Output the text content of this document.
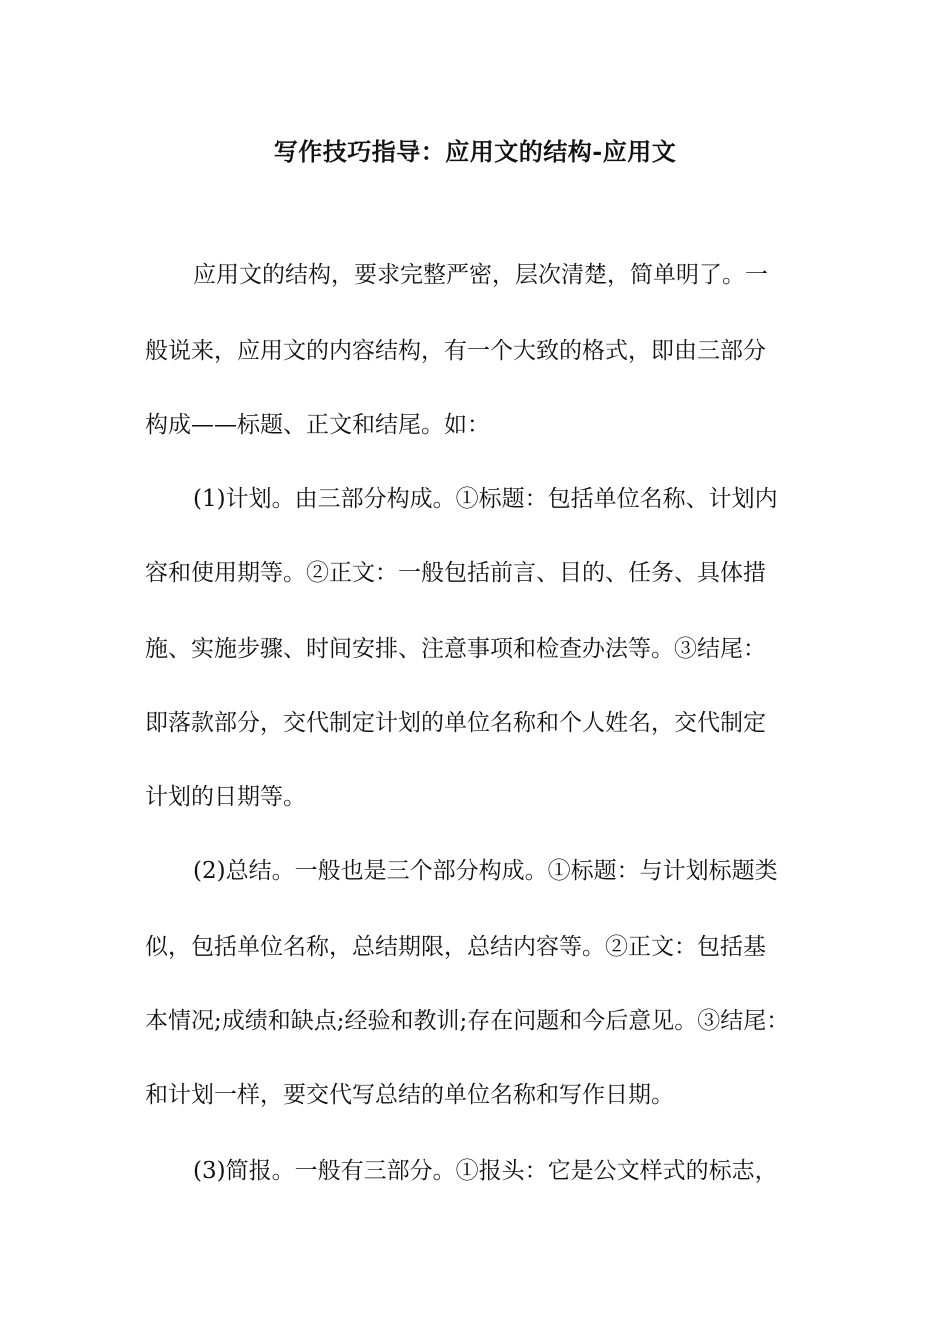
写作技巧指导：应用文的结构-应用文

应用文的结构，要求完整严密，层次清楚，简单明了。一

般说来，应用文的内容结构，有一个大致的格式，即由三部分

构成——标题、正文和结尾。如：

(1)计划。由三部分构成。①标题：包括单位名称、计划内

容和使用期等。②正文：一般包括前言、目的、任务、具体措

施、实施步骤、时间安排、注意事项和检查办法等。③结尾：

即落款部分，交代制定计划的单位名称和个人姓名，交代制定

计划的日期等。

(2)总结。一般也是三个部分构成。①标题：与计划标题类

似，包括单位名称，总结期限，总结内容等。②正文：包括基

本情况;成绩和缺点;经验和教训;存在问题和今后意见。③结尾：

和计划一样，要交代写总结的单位名称和写作日期。

(3)简报。一般有三部分。①报头：它是公文样式的标志，
